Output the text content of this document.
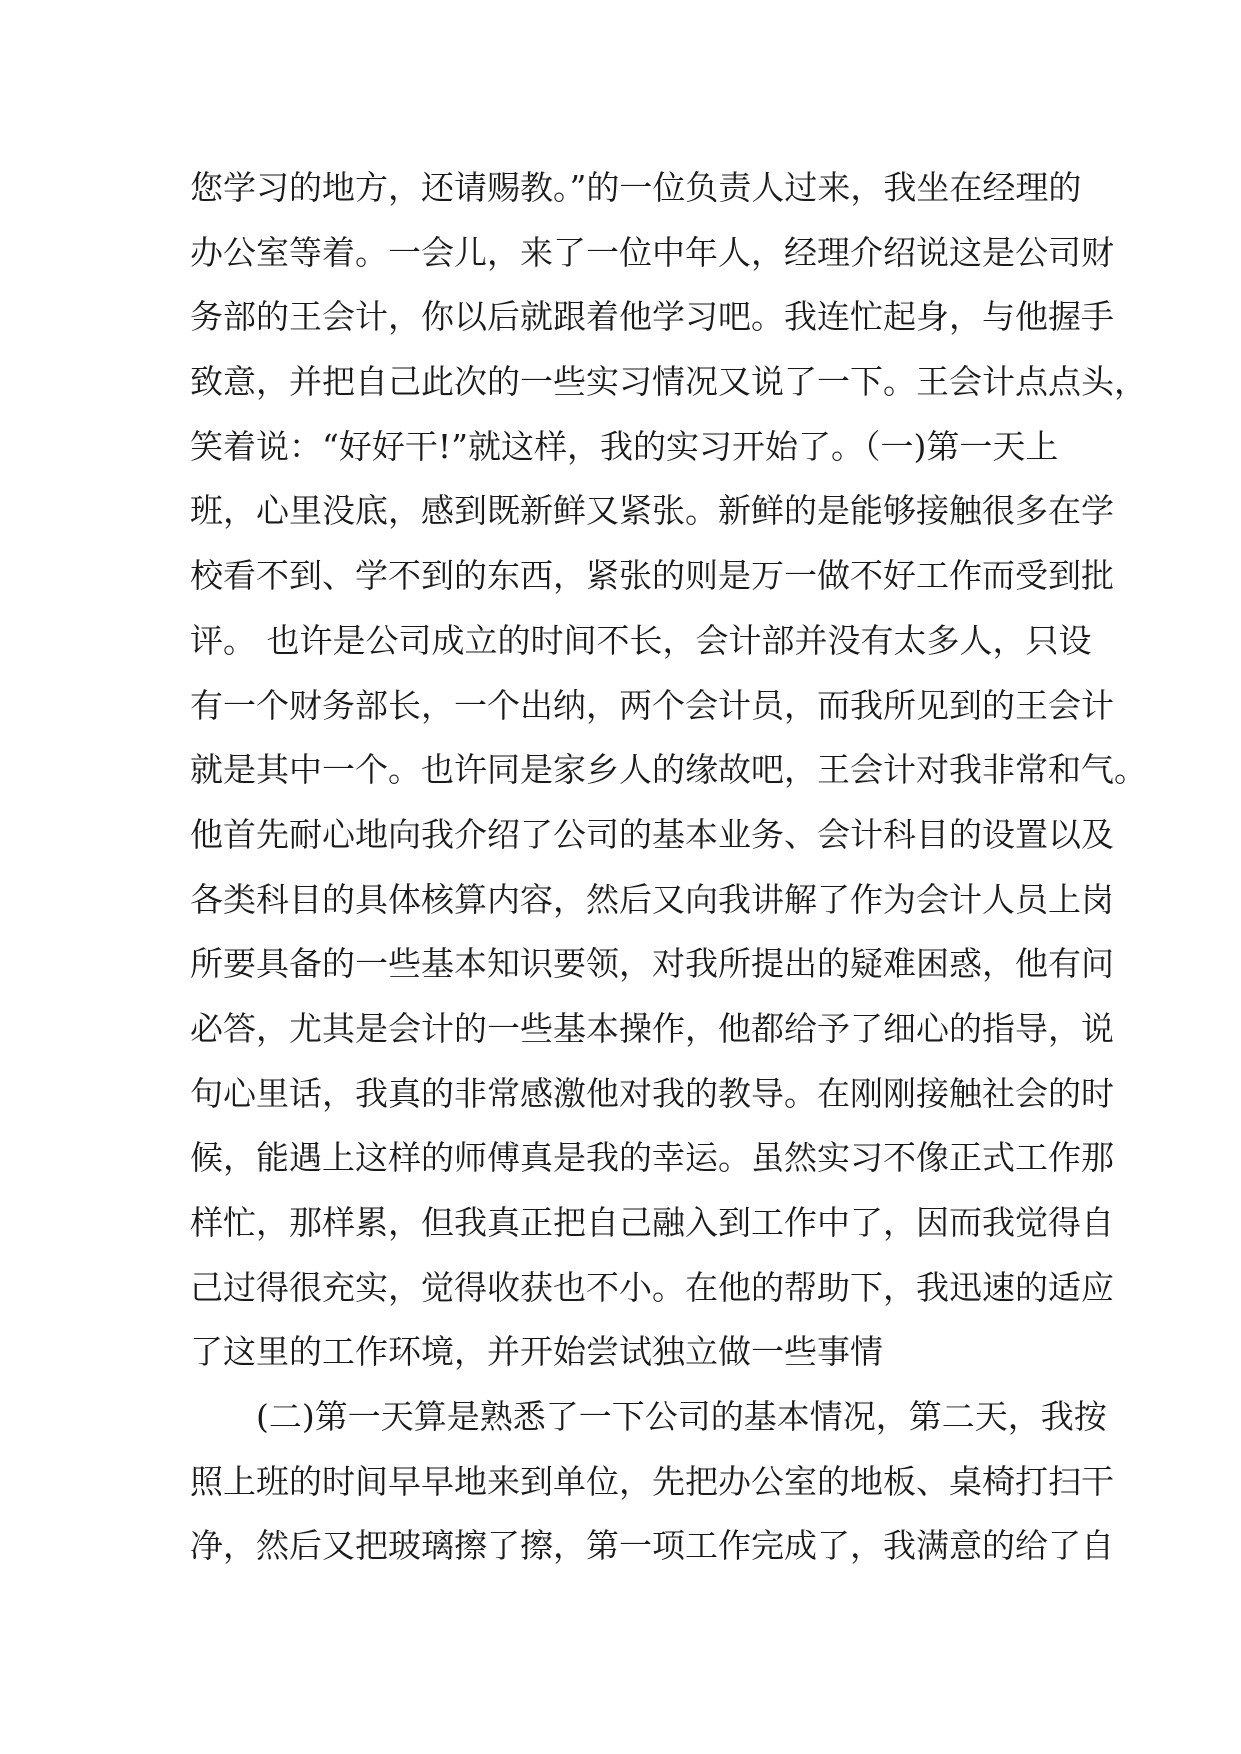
您学习的地方，还请赐教。”的一位负责人过来，我坐在经理的
办公室等着。一会儿，来了一位中年人，经理介绍说这是公司财
务部的王会计，你以后就跟着他学习吧。我连忙起身，与他握手
致意，并把自己此次的一些实习情况又说了一下。王会计点点头，
笑着说：“好好干!”就这样，我的实习开始了。（一)第一天上
班，心里没底，感到既新鲜又紧张。新鲜的是能够接触很多在学
校看不到、学不到的东西，紧张的则是万一做不好工作而受到批
评。 也许是公司成立的时间不长，会计部并没有太多人，只设
有一个财务部长，一个出纳，两个会计员，而我所见到的王会计
就是其中一个。也许同是家乡人的缘故吧，王会计对我非常和气。
他首先耐心地向我介绍了公司的基本业务、会计科目的设置以及
各类科目的具体核算内容，然后又向我讲解了作为会计人员上岗
所要具备的一些基本知识要领，对我所提出的疑难困惑，他有问
必答，尤其是会计的一些基本操作，他都给予了细心的指导，说
句心里话，我真的非常感激他对我的教导。在刚刚接触社会的时
候，能遇上这样的师傅真是我的幸运。虽然实习不像正式工作那
样忙，那样累，但我真正把自己融入到工作中了，因而我觉得自
己过得很充实，觉得收获也不小。在他的帮助下，我迅速的适应
了这里的工作环境，并开始尝试独立做一些事情
(二)第一天算是熟悉了一下公司的基本情况，第二天，我按
照上班的时间早早地来到单位，先把办公室的地板、桌椅打扫干
净，然后又把玻璃擦了擦，第一项工作完成了，我满意的给了自
